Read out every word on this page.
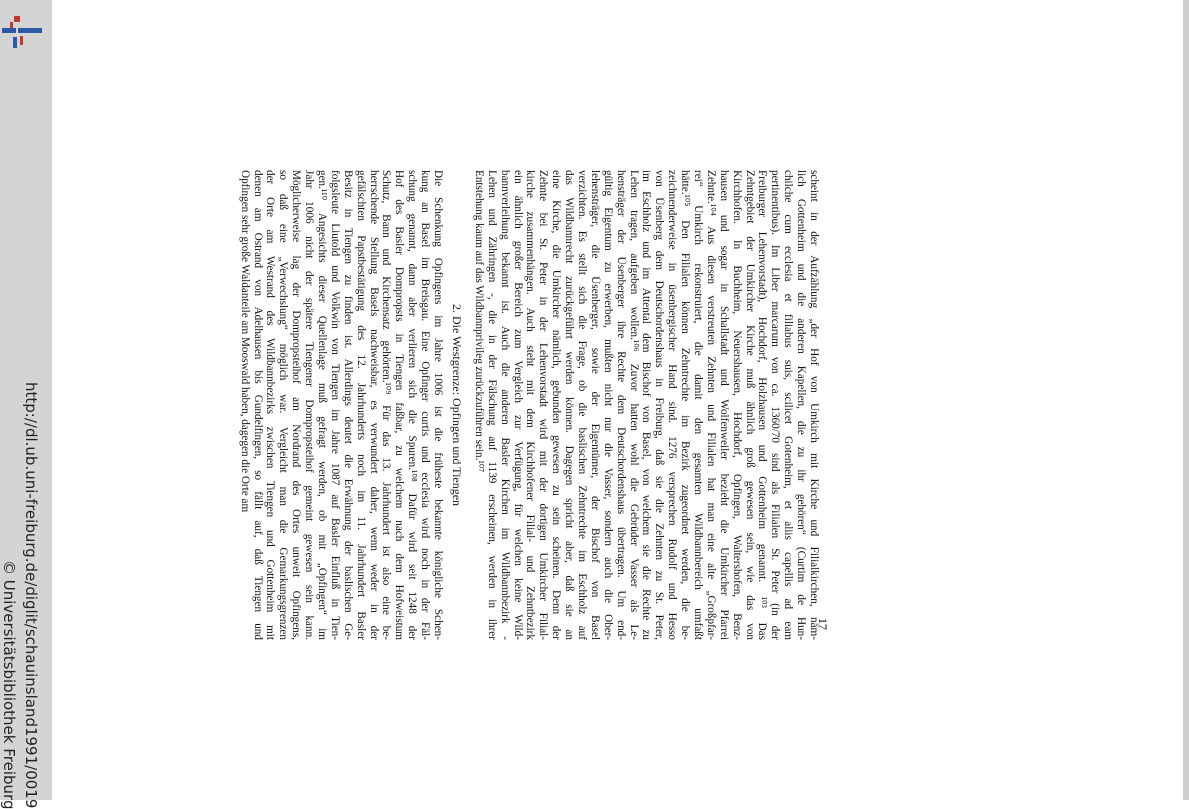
http://dl.ub.uni-freiburg.de/diglit/schauinsland1991/0019
© Universitätsbibliothek Freiburg	17
scheint in der Aufzählung „der Hof von Umkirch mit Kirche und Filialkirchen, näm-
lich Gottenheim und die anderen Kapellen, die zu ihr gehören“ (Curtim de Hun-
chilche cum ecclesia et filiabus suis, scilicet Gotenheim, et aliis capellis ad eam
pertinentibus). Im Liber marcarum von ca. 1360/70 sind als Filialen St. Peter (in der
Freiburger Lehenvorstadt), Hochdorf, Holzhausen und Gottenheim genannt. ¹⁰³ Das
Zehntgebiet der Umkircher Kirche muß ähnlich groß gewesen sein, wie das von
Kirchhofen. In Buchheim, Neuershausen, Hochdorf, Opfingen, Waltershofen, Benz-
hausen und sogar in Schallstadt und Wolfenweiler bezieht die Umkircher Pfarrei
Zehnte.¹⁰⁴ Aus diesen verstreuten Zehnten und Filialen hat man eine alte „Großpfar-
rei“ Umkirch rekonstruiert, die damit den gesamten Wildbannbereich umfaßt
hätte.¹⁰⁵ Den Filialen können Zehntrechte im Bezirk zugeordnet werden, die be-
zeichnenderweise in üsenbergischer Hand sind. 1276 versprechen Rudolf und Hesso
von Üsenberg dem Deutschordenshaus in Freiburg, daß sie die Zehnten zu St. Peter,
im Eschholz und im Attental dem Bischof von Basel, von welchem sie die Rechte zu
Lehen tragen, aufgeben wollen.¹⁰⁶ Zuvor hatten wohl die Gebrüder Vasser als Le-
hensträger der Üsenberger ihre Rechte dem Deutschordenshaus übertragen. Um end-
gültig Eigentum zu erwerben, mußten nicht nur die Vasser, sondern auch die Ober-
lehensträger, die Üsenberger, sowie der Eigentümer, der Bischof von Basel
verzichten. Es stellt sich die Frage, ob die baslischen Zehntrechte im Eschholz auf
das Wildbannrecht zurückgeführt werden können. Dagegen spricht aber, daß sie an
eine Kirche, die Umkircher nämlich, gebunden gewesen zu sein scheinen. Denn der
Zehnte bei St. Peter in der Lehenvorstadt wird mit der dortigen Umkircher Filial-
kirche zusammenhängen. Auch steht mit dem Kirchhofener Filial- und Zehntbezirk
ein ähnlich großer Bereich zum Vergleich zur Verfügung, für welchen keine Wild-
bannverleihung bekannt ist. Auch die anderen Basler Kirchen im Wildbannbezirk -
Lehen und Zähringen -, die in der Fälschung auf 1139 erscheinen, werden in ihrer
Entstehung kaum auf das Wildbannprivileg zurückzuführen sein.¹⁰⁷
2. Die Westgrenze: Opfingen und Tiengen
Die Schenkung Opfingens im Jahre 1006 ist die früheste bekannte königliche Schen-
kung an Basel im Breisgau. Eine Opfinger curtis und ecclesia wird noch in der Fäl-
schung genannt, dann aber verlieren sich die Spuren.¹⁰⁸ Dafür wird seit 1248 der
Hof des Basler Dompropsts in Tiengen faßbar, zu welchem nach dem Hofweistum
Schutz, Bann und Kirchensatz gehörten.¹⁰⁹ Für das 13. Jahrhundert ist also eine be-
herrschende Stellung Basels nachweisbar, es verwundert daher, wenn weder in der
gefälschten Papstbestätigung des 12. Jahrhunderts noch im 11. Jahrhundert Basler
Besitz in Tiengen zu finden ist. Allerdings deutet die Erwähnung der baslischen Ge-
folgsleute Liutold und Volkwin von Tiengen im Jahre 1087 auf Basler Einfluß in Tien-
gen.¹¹⁰ Angesichts dieser Quellenlage muß gefragt werden, ob mit „Opfingen“ im
Jahr 1006 nicht der spätere Tiengener Dompropsteihof gemeint gewesen sein kann.
Möglicherweise lag der Dompropsteihof am Nordrand des Ortes unweit Opfingens,
so daß eine „Verwechslung“ möglich war. Vergleicht man die Gemarkungsgrenzen
der Orte am Westrand des Wildbannbezirks zwischen Tiengen und Gottenheim mit
denen am Ostrand von Adelhausen bis Gundelfingen, so fällt auf, daß Tiengen und
Opfingen sehr große Waldanteile am Mooswald haben, dagegen die Orte am
